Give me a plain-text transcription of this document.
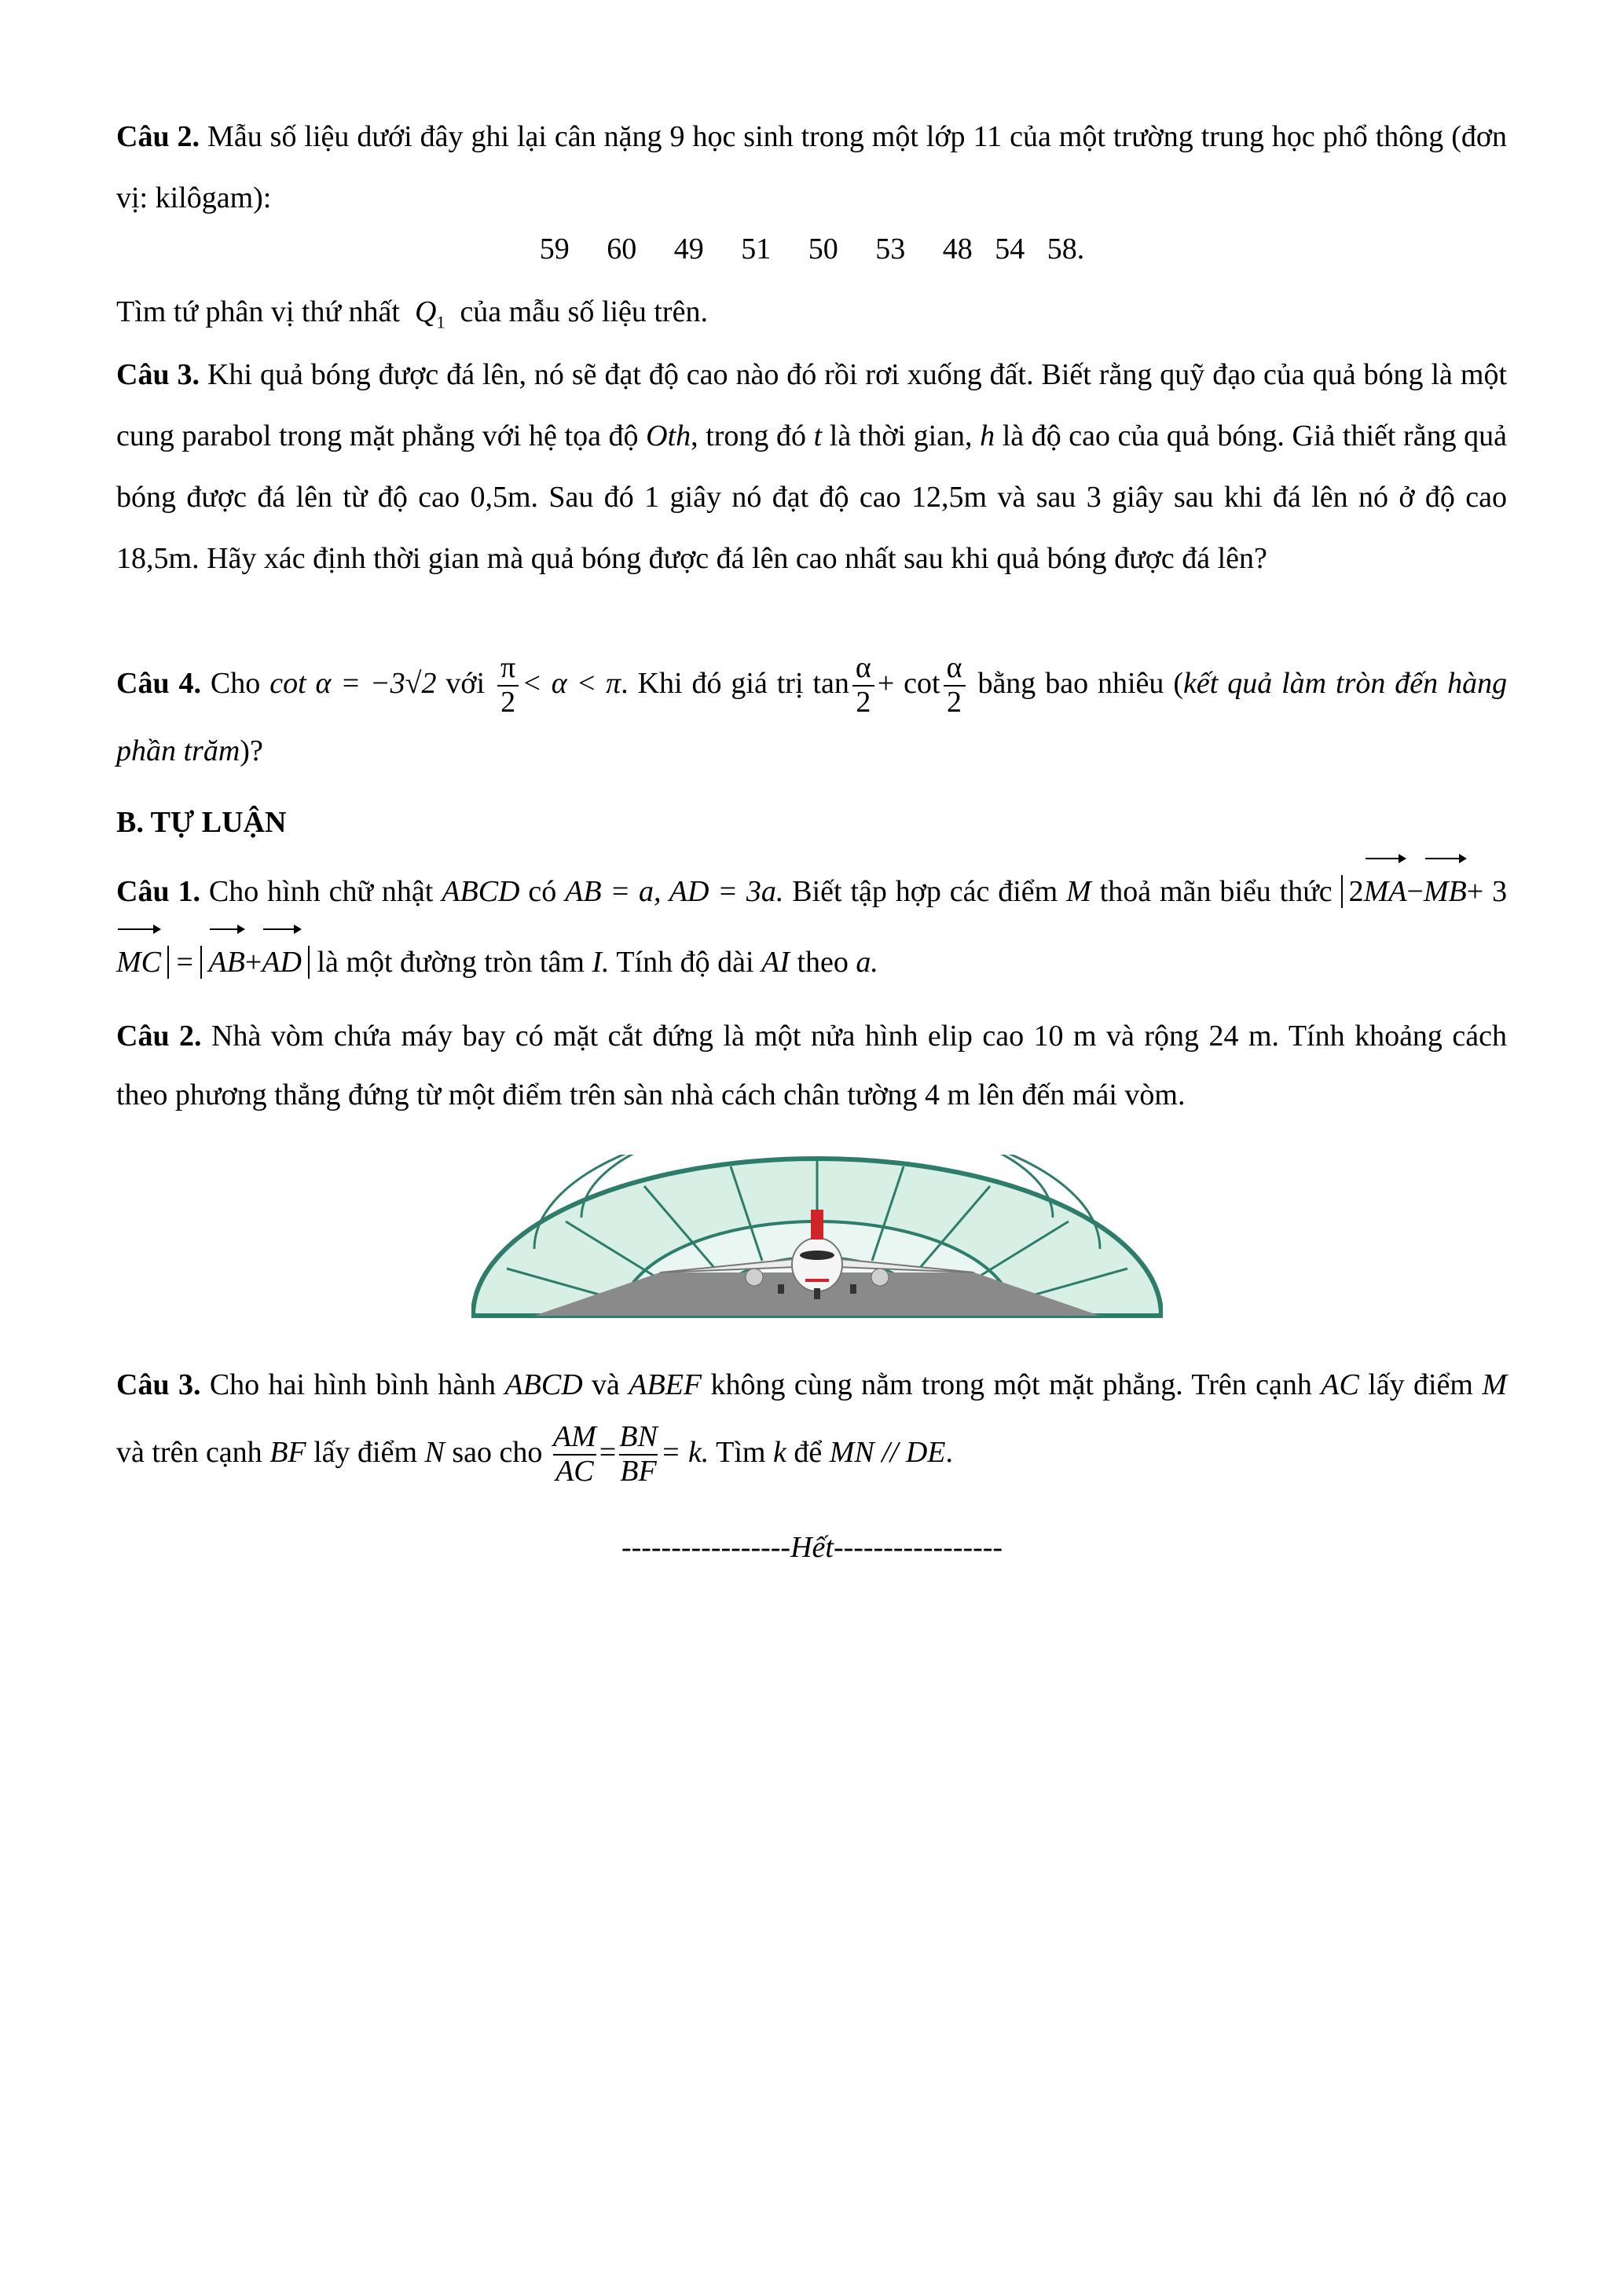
Câu 2. Mẫu số liệu dưới đây ghi lại cân nặng 9 học sinh trong một lớp 11 của một trường trung học phổ thông (đơn vị: kilôgam):
59 60 49 51 50 53 48 54 58.
Tìm tứ phân vị thứ nhất $Q_1$ của mẫu số liệu trên.
Câu 3. Khi quả bóng được đá lên, nó sẽ đạt độ cao nào đó rồi rơi xuống đất. Biết rằng quỹ đạo của quả bóng là một cung parabol trong mặt phẳng với hệ tọa độ Oth, trong đó t là thời gian, h là độ cao của quả bóng. Giả thiết rằng quả bóng được đá lên từ độ cao 0,5m. Sau đó 1 giây nó đạt độ cao 12,5m và sau 3 giây sau khi đá lên nó ở độ cao 18,5m. Hãy xác định thời gian mà quả bóng được đá lên cao nhất sau khi quả bóng được đá lên?
Câu 4. Cho cot α = −3√2 với $\frac{\pi}{2} < \alpha < \pi$. Khi đó giá trị $\tan \frac{\alpha}{2} + \cot \frac{\alpha}{2}$ bằng bao nhiêu (kết quả làm tròn đến hàng phần trăm)?
B. TỰ LUẬN
Câu 1. Cho hình chữ nhật ABCD có AB = a, AD = 3a. Biết tập hợp các điểm M thoả mãn biểu thức 2MA−MB+ 3MC = AB+AD là một đường tròn tâm I. Tính độ dài AI theo a.
Câu 2. Nhà vòm chứa máy bay có mặt cắt đứng là một nửa hình elip cao 10 m và rộng 24 m. Tính khoảng cách theo phương thẳng đứng từ một điểm trên sàn nhà cách chân tường 4 m lên đến mái vòm.
Câu 3. Cho hai hình bình hành ABCD và ABEF không cùng nằm trong một mặt phẳng. Trên cạnh AC lấy điểm M và trên cạnh BF lấy điểm N sao cho $\frac{AM}{AC} = \frac{BN}{BF} = k$. Tìm k để MN // DE.
-----------------Hết-----------------
